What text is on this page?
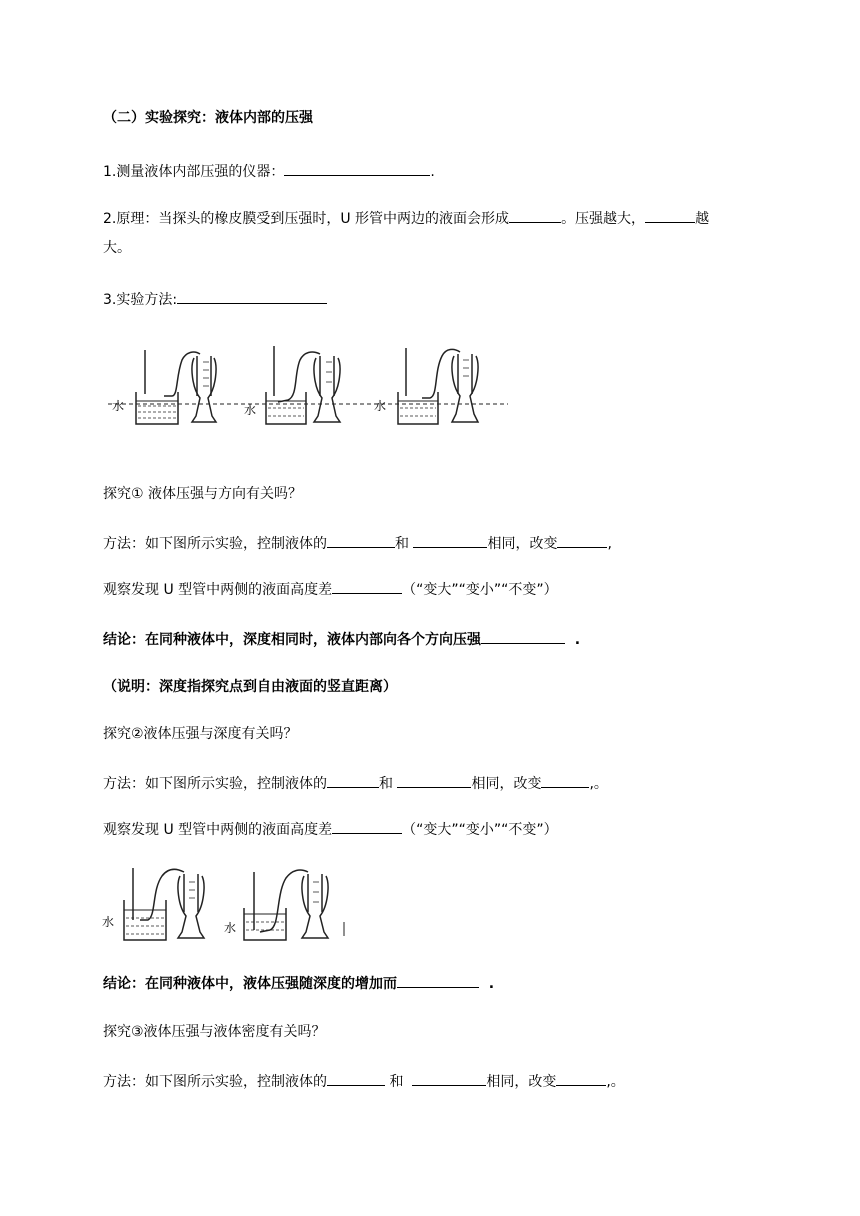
（二）实验探究：液体内部的压强
1.测量液体内部压强的仪器：	.
2.原理：当探头的橡皮膜受到压强时，U 形管中两边的液面会形成	。压强越大，	越
大。
3.实验方法:
水	水	水
探究① 液体压强与方向有关吗？
方法：如下图所示实验，控制液体的	和	相同，改变	,
观察发现 U 型管中两侧的液面高度差	（“变大”“变小”“不变”）
结论：在同种液体中，深度相同时，液体内部向各个方向压强	.
（说明：深度指探究点到自由液面的竖直距离）
探究②液体压强与深度有关吗？
方法：如下图所示实验，控制液体的	和	相同，改变	,。
观察发现 U 型管中两侧的液面高度差	（“变大”“变小”“不变”）
水	水
结论：在同种液体中，液体压强随深度的增加而	.
探究③液体压强与液体密度有关吗？
方法：如下图所示实验，控制液体的	和	相同，改变	,。
